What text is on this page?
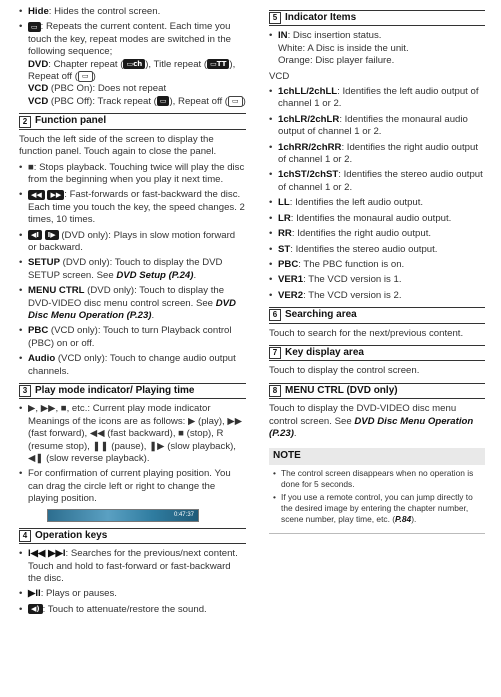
• Hide: Hides the control screen.
▭• : Repeats the current content. Each time you touch the key, repeat modes are switched in the following sequence;
DVD: Chapter repeat ( ▭ch ), Title repeat ( ▭TT ), Repeat off ( ▭ )
VCD (PBC On): Does not repeat
VCD (PBC Off): Track repeat ( ▭ ), Repeat off ( ▭ )
2 Function panel

Touch the left side of the screen to display the function panel. Touch again to close the panel.

• ■: Stops playback. Touching twice will play the disc from the beginning when you play it next time.
• ◀◀ ▶▶ : Fast-forwards or fast-backward the disc. Each time you touch the key, the speed changes. 2 times, 10 times.
• ◀I I▶ (DVD only): Plays in slow motion forward or backward.
• SETUP (DVD only): Touch to display the DVD SETUP screen. See DVD Setup (P.24).
• MENU CTRL (DVD only): Touch to display the DVD-VIDEO disc menu control screen. See DVD Disc Menu Operation (P.23).
• PBC (VCD only): Touch to turn Playback control (PBC) on or off.
• Audio (VCD only): Touch to change audio output channels.
3 Play mode indicator/ Playing time
• ▶, ▶▶, ■, etc.: Current play mode indicator Meanings of the icons are as follows: ▶ (play), ▶▶ (fast forward), ◀◀ (fast backward), ■ (stop), R (resume stop), ❚❚ (pause), ❚▶ (slow playback), ◀❚ (slow reverse playback).
• For confirmation of current playing position. You can drag the circle left or right to change the playing position.
0:47:37
4 Operation keys
• I◀◀ ▶▶I: Searches for the previous/next content.
Touch and hold to fast-forward or fast-backward the disc.
• ▶II: Plays or pauses.
• ◀) : Touch to attenuate/restore the sound.
5 Indicator Items
• IN: Disc insertion status.
White: A Disc is inside the unit.
Orange: Disc player failure.

VCD

• 1chLL/2chLL: Identifies the left audio output of channel 1 or 2.
• 1chLR/2chLR: Identifies the monaural audio output of channel 1 or 2.
• 1chRR/2chRR: Identifies the right audio output of channel 1 or 2.
• 1chST/2chST: Identifies the stereo audio output of channel 1 or 2.
• LL: Identifies the left audio output.
• LR: Identifies the monaural audio output.
• RR: Identifies the right audio output.
• ST: Identifies the stereo audio output.
• PBC: The PBC function is on.
• VER1: The VCD version is 1.
• VER2: The VCD version is 2.
6 Searching area

Touch to search for the next/previous content.

7 Key display area

Touch to display the control screen.

8 MENU CTRL (DVD only)

Touch to display the DVD-VIDEO disc menu control screen. See DVD Disc Menu Operation (P.23).

NOTE
• The control screen disappears when no operation is done for 5 seconds.
• If you use a remote control, you can jump directly to the desired image by entering the chapter number, scene number, play time, etc. (P.84).
